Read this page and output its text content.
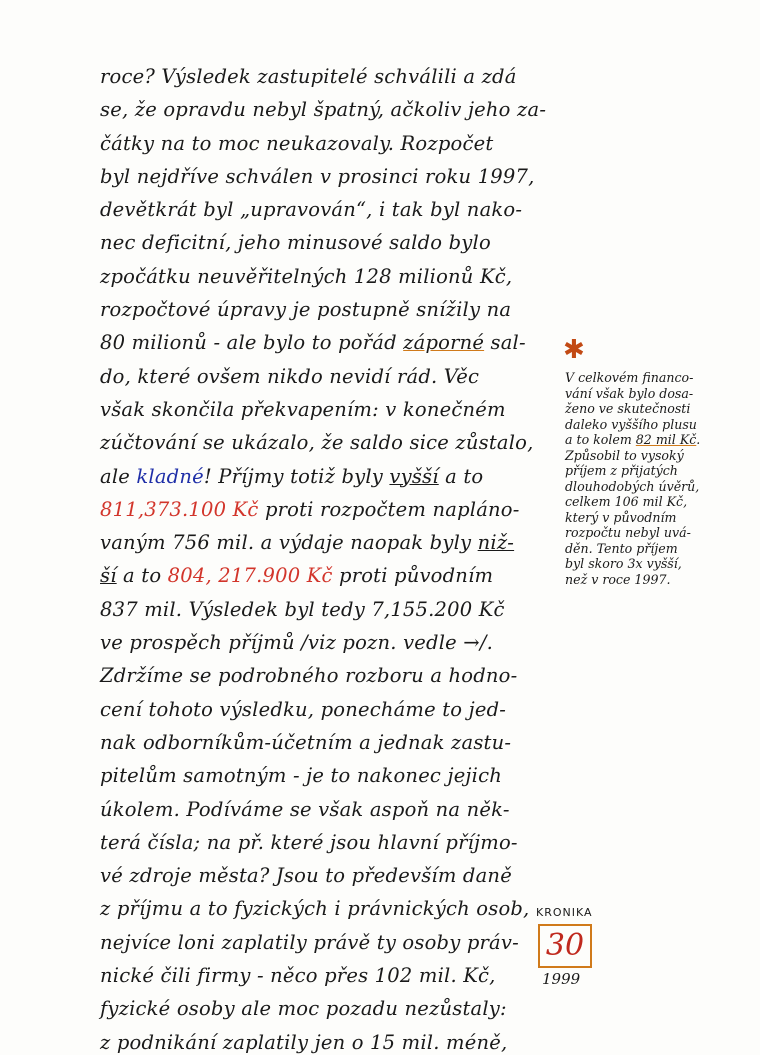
roce? Výsledek zastupitelé schválili a zdá
se, že opravdu nebyl špatný, ačkoliv jeho za-
čátky na to moc neukazovaly. Rozpočet
byl nejdříve schválen v prosinci roku 1997,
devětkrát byl „upravován“, i tak byl nako-
nec deficitní, jeho minusové saldo bylo
zpočátku neuvěřitelných 128 milionů Kč,
rozpočtové úpravy je postupně snížily na
80 milionů - ale bylo to pořád záporné sal-
do, které ovšem nikdo nevidí rád. Věc
však skončila překvapením: v konečném
zúčtování se ukázalo, že saldo sice zůstalo,
ale kladné! Příjmy totiž byly vyšší a to
811,373.100 Kč proti rozpočtem napláno-
vaným 756 mil. a výdaje naopak byly niž-
ší a to 804, 217.900 Kč proti původním
837 mil. Výsledek byl tedy 7,155.200 Kč
ve prospěch příjmů /viz pozn. vedle →/.
Zdržíme se podrobného rozboru a hodno-
cení tohoto výsledku, ponecháme to jed-
nak odborníkům-účetním a jednak zastu-
pitelům samotným - je to nakonec jejich
úkolem. Podíváme se však aspoň na něk-
terá čísla; na př. které jsou hlavní příjmo-
vé zdroje města? Jsou to především daně
z příjmu a to fyzických i právnických osob,
nejvíce loni zaplatily právě ty osoby práv-
nické čili firmy - něco přes 102 mil. Kč,
fyzické osoby ale moc pozadu nezůstaly:
z podnikání zaplatily jen o 15 mil. méně,
✱
V celkovém financo-
vání však bylo dosa-
ženo ve skutečnosti
daleko vyššího plusu
a to kolem 82 mil Kč.
Způsobil to vysoký
příjem z přijatých
dlouhodobých úvěrů,
celkem 106 mil Kč,
který v původním
rozpočtu nebyl uvá-
děn. Tento příjem
byl skoro 3x vyšší,
než v roce 1997.
KRONIKA
30
1999
